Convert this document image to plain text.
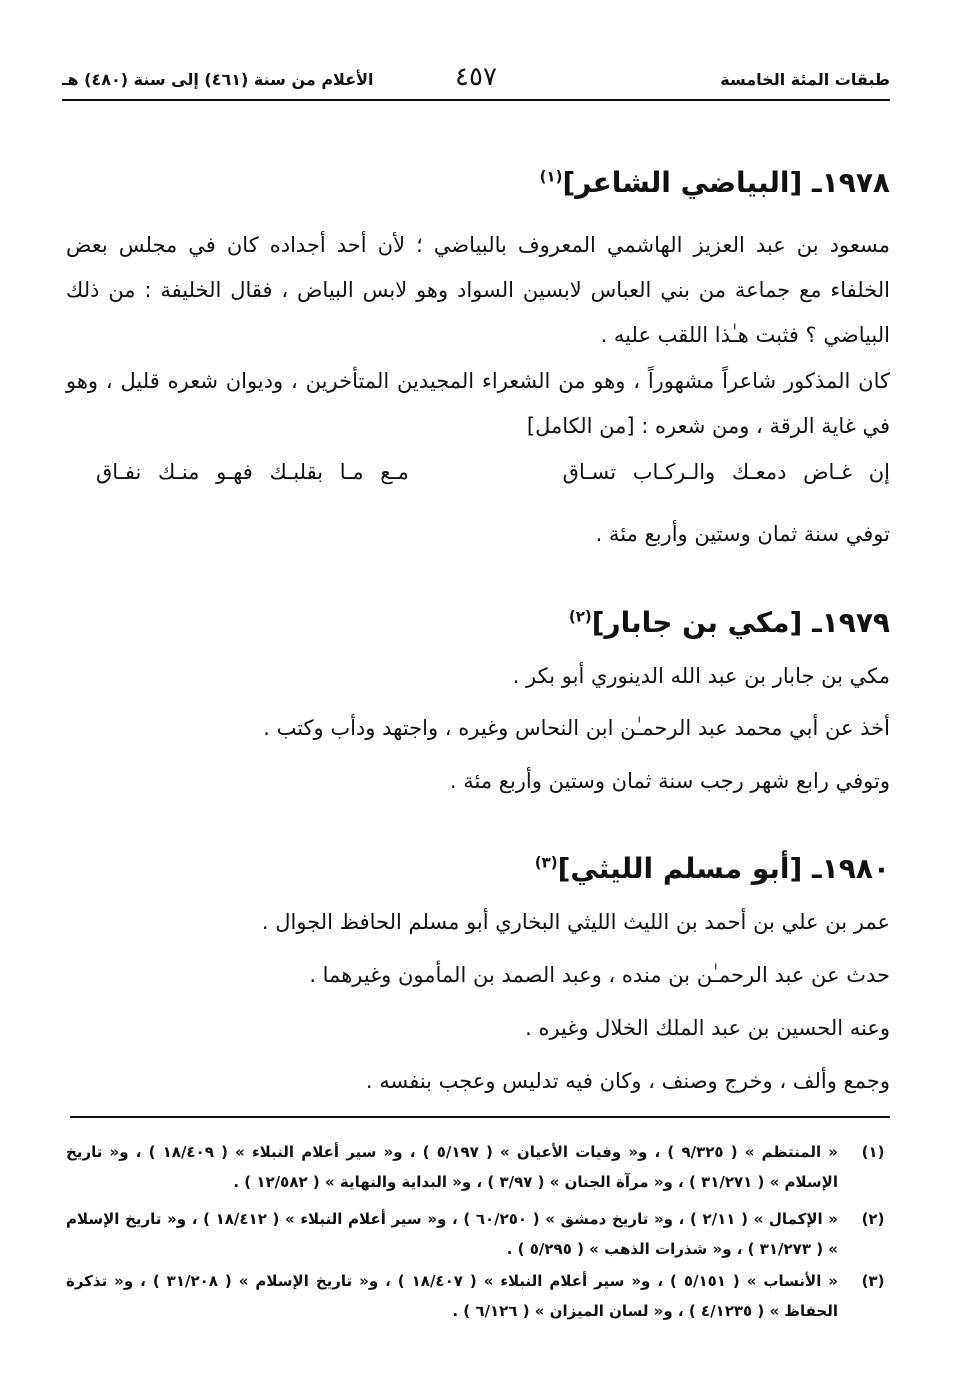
طبقات المئة الخامسة
٤٥٧
الأعلام من سنة (٤٦١) إلى سنة (٤٨٠) هـ
١٩٧٨ـ [البياضي الشاعر]$^{(١)}$
مسعود بن عبد العزيز الهاشمي المعروف بالبياضي ؛ لأن أحد أجداده كان في مجلس بعض الخلفاء مع جماعة من بني العباس لابسين السواد وهو لابس البياض ، فقال الخليفة : من ذلك البياضي ؟ فثبت هـٰذا اللقب عليه .
كان المذكور شاعراً مشهوراً ، وهو من الشعراء المجيدين المتأخرين ، وديوان شعره قليل ، وهو في غاية الرقة ، ومن شعره : [من الكامل]
إن غـاض دمعـك والـركـاب تسـاق
مـع مـا بقلبـك فهـو منـك نفـاق
توفي سنة ثمان وستين وأربع مئة .
١٩٧٩ـ [مكي بن جابار]$^{(٢)}$
مكي بن جابار بن عبد الله الدينوري أبو بكر .
أخذ عن أبي محمد عبد الرحمـٰن ابن النحاس وغيره ، واجتهد ودأب وكتب .
وتوفي رابع شهر رجب سنة ثمان وستين وأربع مئة .
١٩٨٠ـ [أبو مسلم الليثي]$^{(٣)}$
عمر بن علي بن أحمد بن الليث الليثي البخاري أبو مسلم الحافظ الجوال .
حدث عن عبد الرحمـٰن بن منده ، وعبد الصمد بن المأمون وغيرهما .
وعنه الحسين بن عبد الملك الخلال وغيره .
وجمع وألف ، وخرج وصنف ، وكان فيه تدليس وعجب بنفسه .
(١)
« المنتظم » ( ٩/٣٢٥ ) ، و« وفيات الأعيان » ( ٥/١٩٧ ) ، و« سير أعلام النبلاء » ( ١٨/٤٠٩ ) ، و« تاريخ الإسلام » ( ٣١/٢٧١ ) ، و« مرآة الجنان » ( ٣/٩٧ ) ، و« البداية والنهاية » ( ١٢/٥٨٢ ) .
(٢)
« الإكمال » ( ٢/١١ ) ، و« تاريخ دمشق » ( ٦٠/٢٥٠ ) ، و« سير أعلام النبلاء » ( ١٨/٤١٢ ) ، و« تاريخ الإسلام » ( ٣١/٢٧٣ ) ، و« شذرات الذهب » ( ٥/٢٩٥ ) .
(٣)
« الأنساب » ( ٥/١٥١ ) ، و« سير أعلام النبلاء » ( ١٨/٤٠٧ ) ، و« تاريخ الإسلام » ( ٣١/٢٠٨ ) ، و« تذكرة الحفاظ » ( ٤/١٢٣٥ ) ، و« لسان الميزان » ( ٦/١٢٦ ) .
